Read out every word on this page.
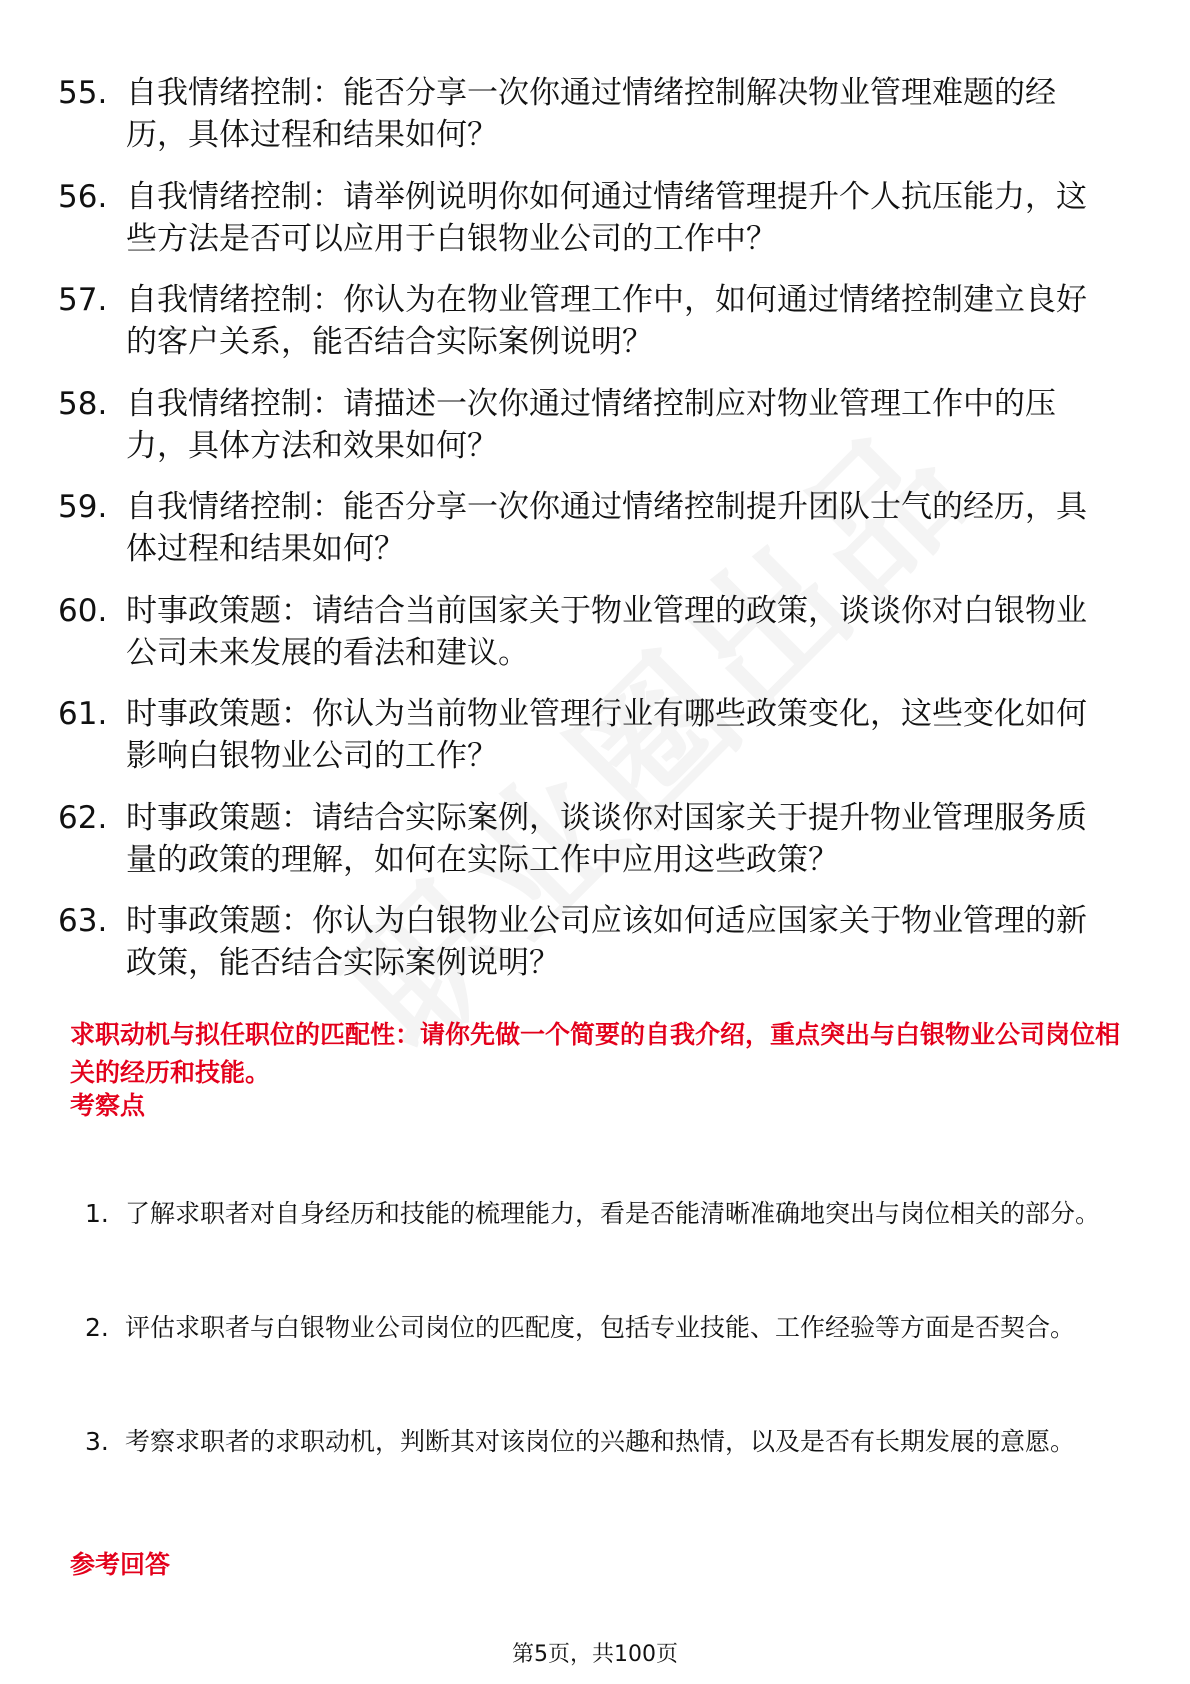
55. 自我情绪控制：能否分享一次你通过情绪控制解决物业管理难题的经历，具体过程和结果如何？
56. 自我情绪控制：请举例说明你如何通过情绪管理提升个人抗压能力，这些方法是否可以应用于白银物业公司的工作中？
57. 自我情绪控制：你认为在物业管理工作中，如何通过情绪控制建立良好的客户关系，能否结合实际案例说明？
58. 自我情绪控制：请描述一次你通过情绪控制应对物业管理工作中的压力，具体方法和效果如何？
59. 自我情绪控制：能否分享一次你通过情绪控制提升团队士气的经历，具体过程和结果如何？
60. 时事政策题：请结合当前国家关于物业管理的政策，谈谈你对白银物业公司未来发展的看法和建议。
61. 时事政策题：你认为当前物业管理行业有哪些政策变化，这些变化如何影响白银物业公司的工作？
62. 时事政策题：请结合实际案例，谈谈你对国家关于提升物业管理服务质量的政策的理解，如何在实际工作中应用这些政策？
63. 时事政策题：你认为白银物业公司应该如何适应国家关于物业管理的新政策，能否结合实际案例说明？
求职动机与拟任职位的匹配性：请你先做一个简要的自我介绍，重点突出与白银物业公司岗位相关的经历和技能。
考察点
1. 了解求职者对自身经历和技能的梳理能力，看是否能清晰准确地突出与岗位相关的部分。
2. 评估求职者与白银物业公司岗位的匹配度，包括专业技能、工作经验等方面是否契合。
3. 考察求职者的求职动机，判断其对该岗位的兴趣和热情，以及是否有长期发展的意愿。
参考回答
第5页，共100页
